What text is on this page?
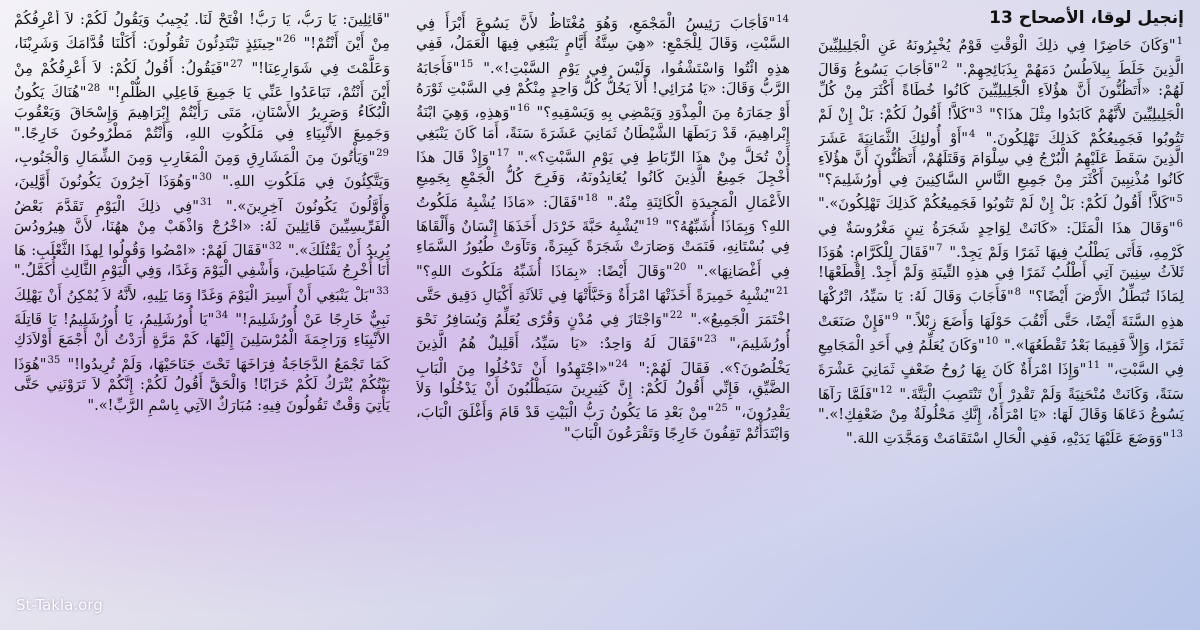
إنجيل لوقا، الأصحاح 13
$^1$"وَكَانَ حَاضِرًا فِي ذلِكَ الْوَقْتِ قَوْمٌ يُخْبِرُونَهُ عَنِ الْجَلِيلِيِّينَ الَّذِينَ خَلَطَ بِيلاَطُسُ دَمَهُمْ بِذَبَائِحِهِمْ." $^2$"فَأجَابَ يَسُوعُ وَقَالَ لَهُمْ: «أَتَظُنُّونَ أَنَّ هؤُلاَءِ الْجَلِيلِيِّينَ كَانُوا خُطَاةً أَكْثَرَ مِنْ كُلِّ الْجَلِيلِيِّينَ لأَنَّهُمْ كَابَدُوا مِثْلَ هذَا؟" $^3$"كَلاَّ! أَقُولُ لَكُمْ: بَلْ إِنْ لَمْ تَتُوبُوا فَجَمِيعُكُمْ كَذلِكَ تَهْلِكُونَ." $^4$"أَوْ أُولئِكَ الثَّمَانِيَةَ عَشَرَ الَّذِينَ سَقَطَ عَلَيْهِمُ الْبُرْجُ فِي سِلْوَامَ وَقَتَلَهُمْ، أَتَظُنُّونَ أَنَّ هؤُلاَءِ كَانُوا مُذْنِبِينَ أَكْثَرَ مِنْ جَمِيعِ النَّاسِ السَّاكِنِينَ فِي أُورُشَلِيمَ؟" $^5$"كَلاَّ! أَقُولُ لَكُمْ: بَلْ إِنْ لَمْ تَتُوبُوا فَجَمِيعُكُمْ كَذلِكَ تَهْلِكُونَ»." $^6$"وَقَالَ هذَا الْمَثَلَ: «كَانَتْ لِوَاحِدٍ شَجَرَةُ تِينٍ مَغْرُوسَةٌ فِي كَرْمِهِ، فَأَتَى يَطْلُبُ فِيهَا ثَمَرًا وَلَمْ يَجِدْ." $^7$"فَقَالَ لِلْكَرَّامِ: هُوَذَا ثَلاَثُ سِنِينَ آتِي أَطْلُبُ ثَمَرًا فِي هذِهِ التِّينَةِ وَلَمْ أَجِدْ. اِقْطَعْهَا! لِمَاذَا تُبَطِّلُ الأَرْضَ أَيْضًا؟" $^8$"فَأَجَابَ وَقَالَ لَهُ: يَا سَيِّدُ، اتْرُكْهَا هذِهِ السَّنَةَ أَيْضًا، حَتَّى أَنْقُبَ حَوْلَهَا وَأَضَعَ زِبْلاً." $^9$"فَإِنْ صَنَعَتْ ثَمَرًا، وَإِلاَّ فَفِيمَا بَعْدُ تَقْطَعُهَا»." $^{10}$"وَكَانَ يُعَلِّمُ فِي أَحَدِ الْمَجَامِعِ فِي السَّبْتِ،" $^{11}$"وَإِذَا امْرَأَةٌ كَانَ بِهَا رُوحُ ضَعْفٍ ثَمَانِيَ عَشْرَةَ سَنَةً، وَكَانَتْ مُنْحَنِيَةً وَلَمْ تَقْدِرْ أَنْ تَنْتَصِبَ الْبَتَّةَ." $^{12}$"فَلَمَّا رَآهَا يَسُوعُ دَعَاهَا وَقَالَ لَهَا: «يَا امْرَأَةُ، إِنَّكِ مَحْلُولَةٌ مِنْ ضَعْفِكِ!»." $^{13}$"وَوَضَعَ عَلَيْهَا يَدَيْهِ، فَفِي الْحَالِ اسْتَقَامَتْ وَمَجَّدَتِ اللهَ."
$^{14}$"فَأجَابَ رَئِيسُ الْمَجْمَعِ، وَهُوَ مُغْتَاظٌ لأَنَّ يَسُوعَ أَبْرَأَ فِي السَّبْتِ، وَقَالَ لِلْجَمْعِ: «هِيَ سِتَّةُ أَيَّامٍ يَنْبَغِي فِيهَا الْعَمَلُ، فَفِي هذِهِ ائْتُوا وَاسْتَشْفُوا، وَلَيْسَ فِي يَوْمِ السَّبْتِ!»." $^{15}$"فَأَجَابَهُ الرَّبُّ وَقَالَ: «يَا مُرَائِي! أَلاَ يَحُلُّ كُلُّ وَاحِدٍ مِنْكُمْ فِي السَّبْتِ ثَوْرَهُ أَوْ حِمَارَهُ مِنَ الْمِذْوَدِ وَيَمْضِي بِهِ وَيَسْقِيهِ؟" $^{16}$"وَهذِهِ، وَهِيَ ابْنَةُ إِبْراهِيمَ، قَدْ رَبَطَهَا الشَّيْطَانُ ثَمَانِيَ عَشَرَةَ سَنَةً، أَمَا كَانَ يَنْبَغِي أَنْ تُحَلَّ مِنْ هذَا الرِّبَاطِ فِي يَوْمِ السَّبْتِ؟»." $^{17}$"وَإِذْ قَالَ هذَا أُخْجِلَ جَمِيعُ الَّذِينَ كَانُوا يُعَانِدُونَهُ، وَفَرِحَ كُلُّ الْجَمْعِ بِجَمِيعِ الأَعْمَالِ الْمَجِيدَةِ الْكَائِنَةِ مِنْهُ." $^{18}$"فَقَالَ: «مَاذَا يُشْبِهُ مَلَكُوتُ اللهِ؟ وَبِمَاذَا أُشَبِّهُهُ؟" $^{19}$"يُشْبِهُ حَبَّةَ خَرْدَل أَخَذَهَا إِنْسَانٌ وَأَلْقَاهَا فِي بُسْتَانِهِ، فَنَمَتْ وَصَارَتْ شَجَرَةً كَبِيرَةً، وَتَآوَتْ طُيُورُ السَّمَاءِ فِي أَغْصَانِهَا»." $^{20}$"وَقَالَ أَيْضًا: «بِمَاذَا أُشَبِّهُ مَلَكُوتَ اللهِ؟" $^{21}$"يُشْبِهُ خَمِيرَةً أَخَذَتْهَا امْرَأَةٌ وَخَبَّأَتْهَا فِي ثَلاَثَةِ أَكْيَالِ دَقِيق حَتَّى اخْتَمَرَ الْجَمِيعُ»." $^{22}$"وَاجْتَازَ فِي مُدْنٍ وَقُرًى يُعَلِّمُ وَيُسَافِرُ نَحْوَ أُورُشَلِيمَ،" $^{23}$"فَقَالَ لَهُ وَاحِدٌ: «يَا سَيِّدُ، أَقَلِيلٌ هُمُ الَّذِينَ يَخْلُصُونَ؟». فَقَالَ لَهُمْ:" $^{24}$"«اجْتَهِدُوا أَنْ تَدْخُلُوا مِنَ الْبَابِ الضَّيِّقِ، فَإِنِّي أَقُولُ لَكُمْ: إِنَّ كَثِيرِينَ سَيَطْلُبُونَ أَنْ يَدْخُلُوا وَلاَ يَقْدِرُونَ،" $^{25}$"مِنْ بَعْدِ مَا يَكُونُ رَبُّ الْبَيْتِ قَدْ قَامَ وَأَغْلَقَ الْبَابَ، وَابْتَدَأْتُمْ تَقِفُونَ خَارِجًا وَتَقْرَعُونَ الْبَابَ"
"قَائِلِينَ: يَا رَبُّ، يَا رَبُّ! افْتَحْ لَنَا. يُجِيبُ وَيَقُولُ لَكُمْ: لاَ أَعْرِفُكُمْ مِنْ أَيْنَ أَنْتُمْ!" $^{26}$"حِينَئِذٍ تَبْتَدِئُونَ تَقُولُونَ: أَكَلْنَا قُدَّامَكَ وَشَرِبْنَا، وَعَلَّمْتَ فِي شَوَارِعِنَا!" $^{27}$"فَيَقُولُ: أَقُولُ لَكُمْ: لاَ أَعْرِفُكُمْ مِنْ أَيْنَ أَنْتُمْ، تَبَاعَدُوا عَنِّي يَا جَمِيعَ فَاعِلِي الظُّلْمِ!" $^{28}$"هُنَاكَ يَكُونُ الْبُكَاءُ وَصَرِيرُ الأَسْنَانِ، مَتَى رَأَيْتُمْ إِبْرَاهِيمَ وَإِسْحَاقَ وَيَعْقُوبَ وَجَمِيعَ الأَنْبِيَاءِ فِي مَلَكُوتِ اللهِ، وَأَنْتُمْ مَطْرُوحُونَ خَارِجًا." $^{29}$"وَيَأْتُونَ مِنَ الْمَشَارِقِ وَمِنَ الْمَغَارِبِ وَمِنَ الشِّمَالِ وَالْجَنُوبِ، وَيَتَّكِئُونَ فِي مَلَكُوتِ اللهِ." $^{30}$"وَهُوَذَا آخِرُونَ يَكُونُونَ أَوَّلِينَ، وَأَوَّلُونَ يَكُونُونَ آخِرِينَ»." $^{31}$"فِي ذلِكَ الْيَوْمِ تَقَدَّمَ بَعْضُ الْفَرِّيسِيِّينَ قَائِلِينَ لَهُ: «اخْرُجْ وَاذْهَبْ مِنْ ههُنَا، لأَنَّ هِيرُودُسَ يُرِيدُ أَنْ يَقْتُلَكَ»." $^{32}$"فَقَالَ لَهُمْ: «امْضُوا وَقُولُوا لِهذَا الثَّعْلَبِ: هَا أَنَا أُخْرِجُ شَيَاطِينَ، وَأَشْفِي الْيَوْمَ وَغَدًا، وَفِي الْيَوْمِ الثَّالِثِ أُكَمَّلُ." $^{33}$"بَلْ يَنْبَغِي أَنْ أَسِيرَ الْيَوْمَ وَغَدًا وَمَا يَلِيهِ، لأَنَّهُ لاَ يُمْكِنُ أَنْ يَهْلِكَ نَبِيٌّ خَارِجًا عَنْ أُورُشَلِيمَ!" $^{34}$"يَا أُورُشَلِيمُ، يَا أُورُشَلِيمُ! يَا قَاتِلَةَ الأَنْبِيَاءِ وَرَاجِمَةَ الْمُرْسَلِينَ إِلَيْهَا، كَمْ مَرَّةٍ أَرَدْتُ أَنْ أَجْمَعَ أَوْلاَدَكِ كَمَا تَجْمَعُ الدَّجَاجَةُ فِرَاخَهَا تَحْتَ جَنَاحَيْهَا، وَلَمْ تُرِيدُوا!" $^{35}$"هُوَذَا بَيْتُكُمْ يُتْرَكُ لَكُمْ خَرَابًا! وَالْحَقَّ أَقُولُ لَكُمْ: إِنَّكُمْ لاَ تَرَوْنَنِي حَتَّى يَأْتِيَ وَقْتٌ تَقُولُونَ فِيهِ: مُبَارَكٌ الآتِي بِاسْمِ الرَّبِّ!»."
St-Takla.org
